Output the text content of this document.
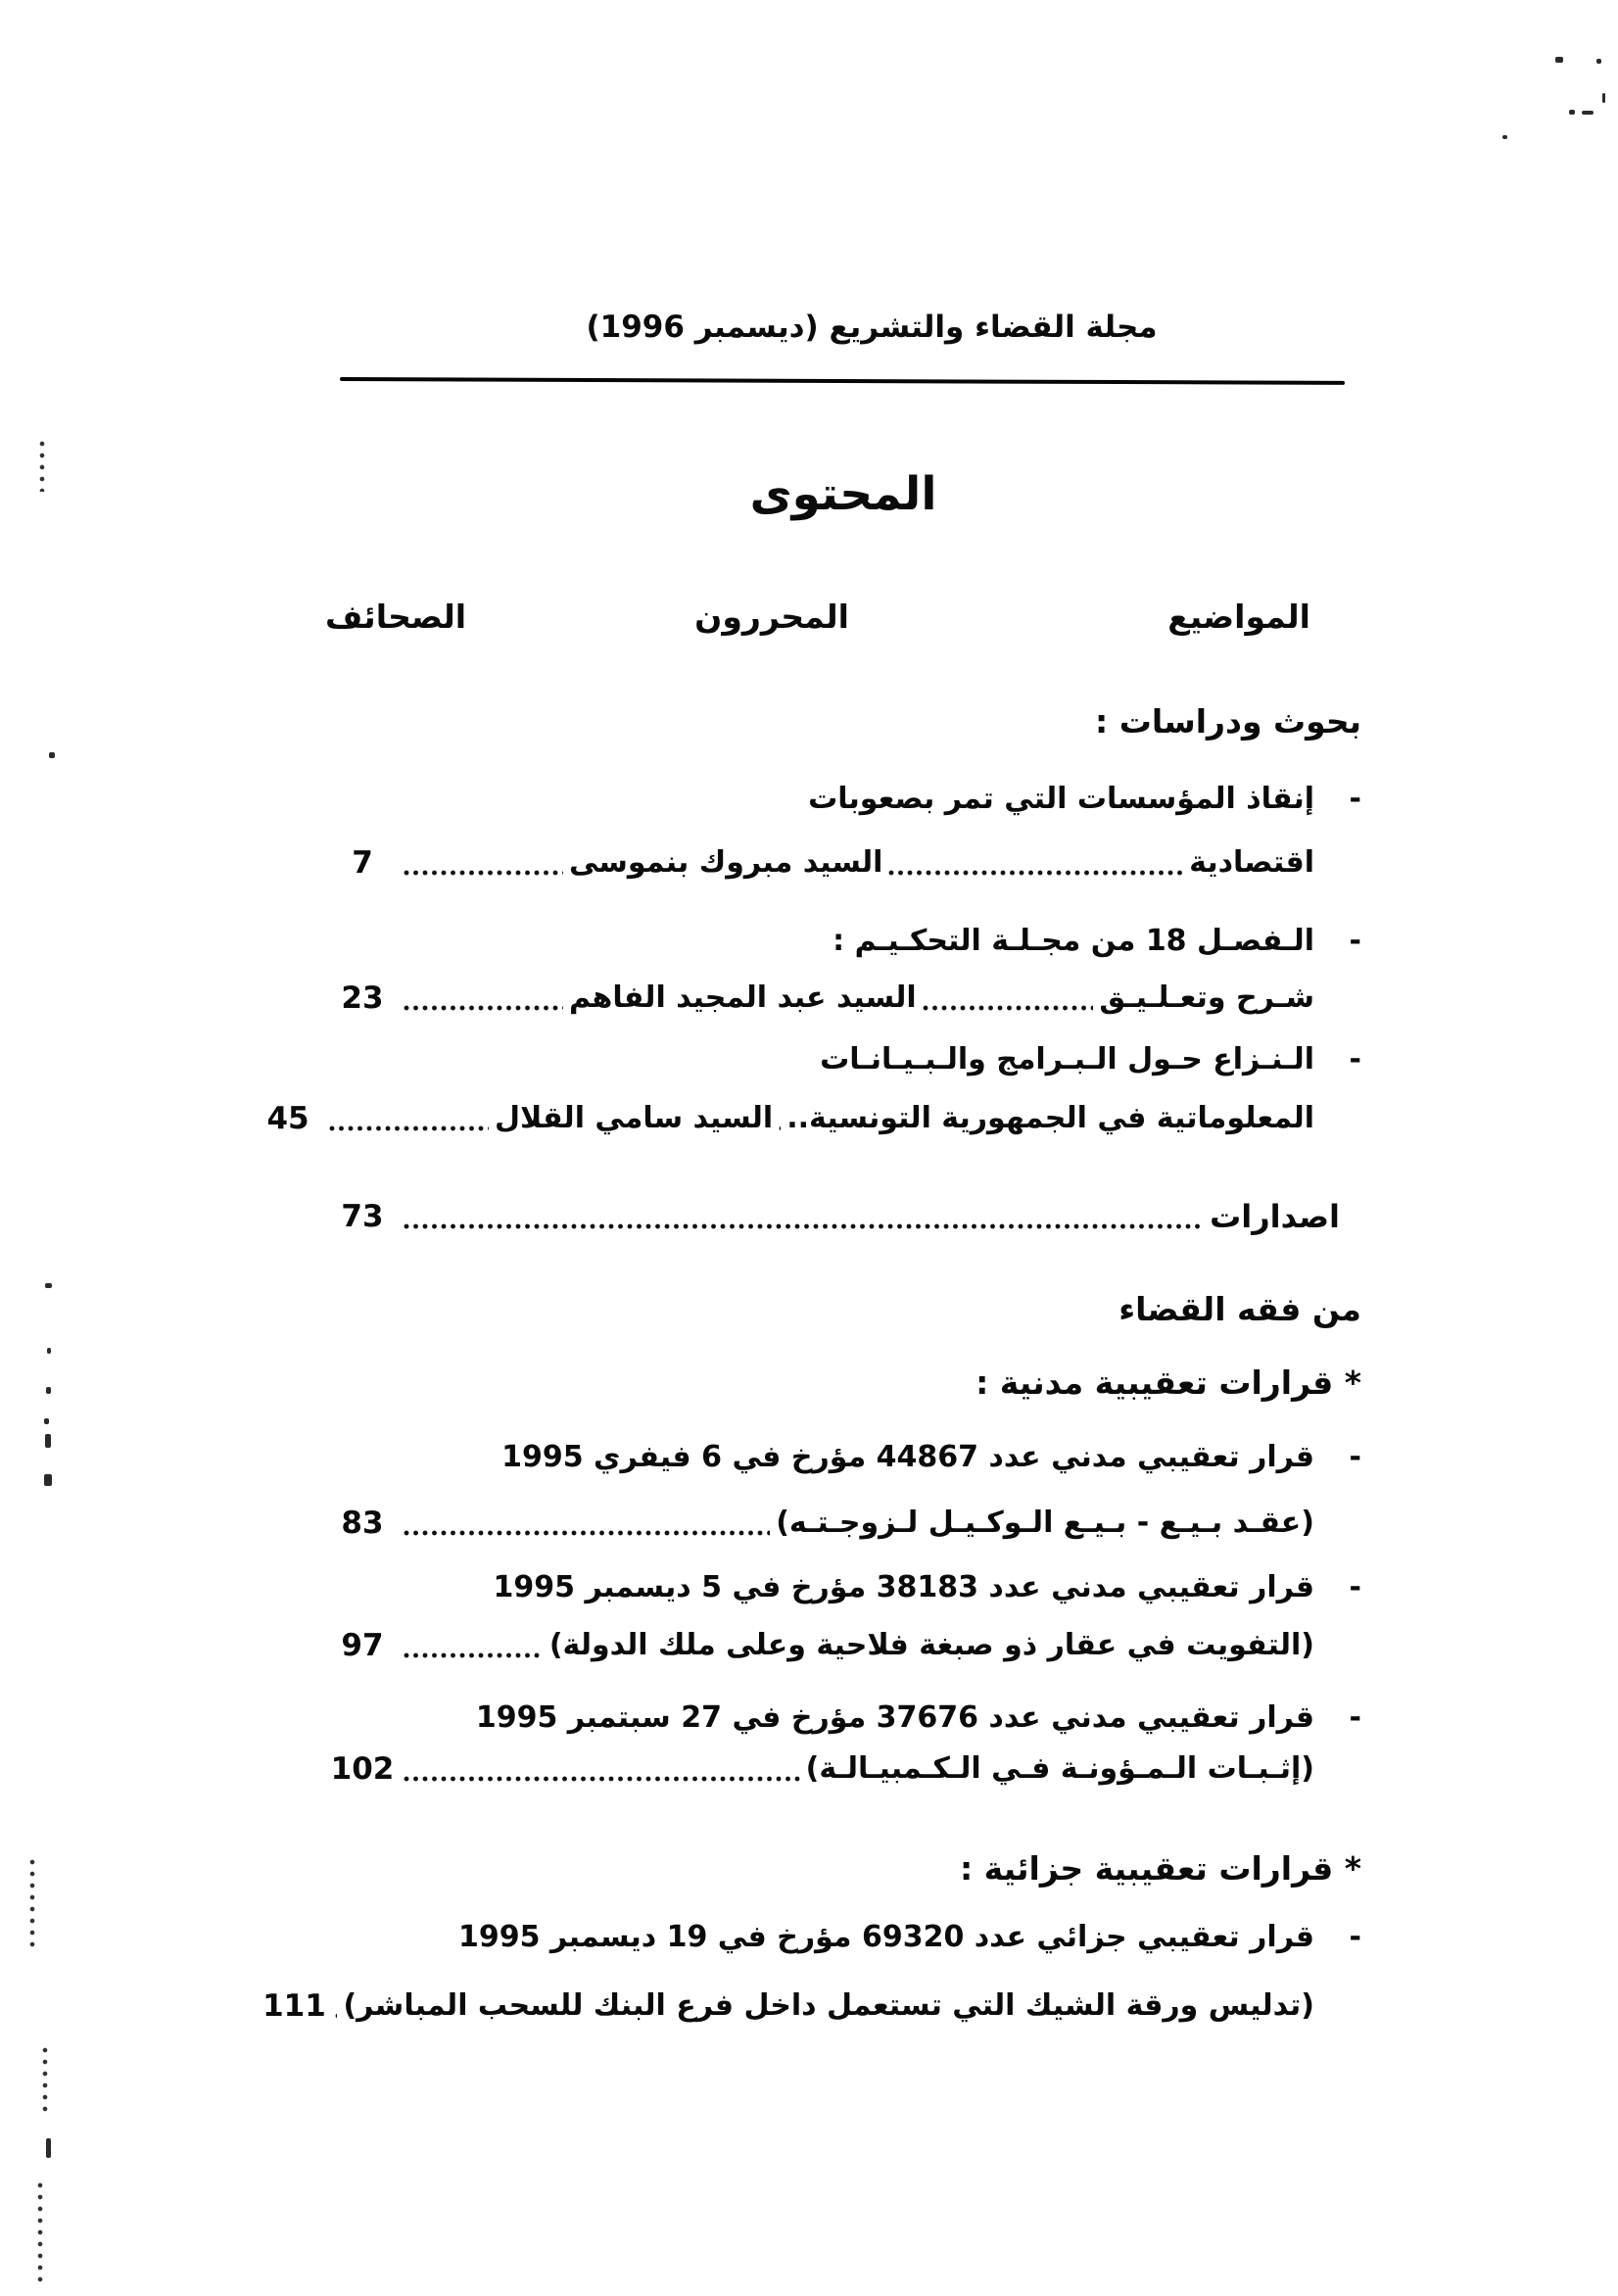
مجلة القضاء والتشريع (ديسمبر 1996)
المحتوى
المواضيع
المحررون
الصحائف
بحوث ودراسات :
-
إنقاذ المؤسسات التي تمر بصعوبات
اقتصادية
السيد مبروك بنموسى
7
-
الـفصـل 18 من مجـلـة التحكـيـم :
شـرح وتعـلـيـق
السيد عبد المجيد الفاهم
23
-
الـنـزاع حـول الـبـرامج والـبـيـانـات
المعلوماتية في الجمهورية التونسية..
السيد سامي القلال
45
اصدارات
73
من فقه القضاء
* قرارات تعقيبية مدنية :
-
قرار تعقيبي مدني عدد 44867 مؤرخ في 6 فيفري 1995
(عقـد بـيـع - بـيـع الـوكـيـل لـزوجـتـه)
83
-
قرار تعقيبي مدني عدد 38183 مؤرخ في 5 ديسمبر 1995
(التفويت في عقار ذو صبغة فلاحية وعلى ملك الدولة)
97
-
قرار تعقيبي مدني عدد 37676 مؤرخ في 27 سبتمبر 1995
(إثـبـات الـمـؤونـة فـي الـكـمبيـالـة)
102
* قرارات تعقيبية جزائية :
-
قرار تعقيبي جزائي عدد 69320 مؤرخ في 19 ديسمبر 1995
(تدليس ورقة الشيك التي تستعمل داخل فرع البنك للسحب المباشر)
111
